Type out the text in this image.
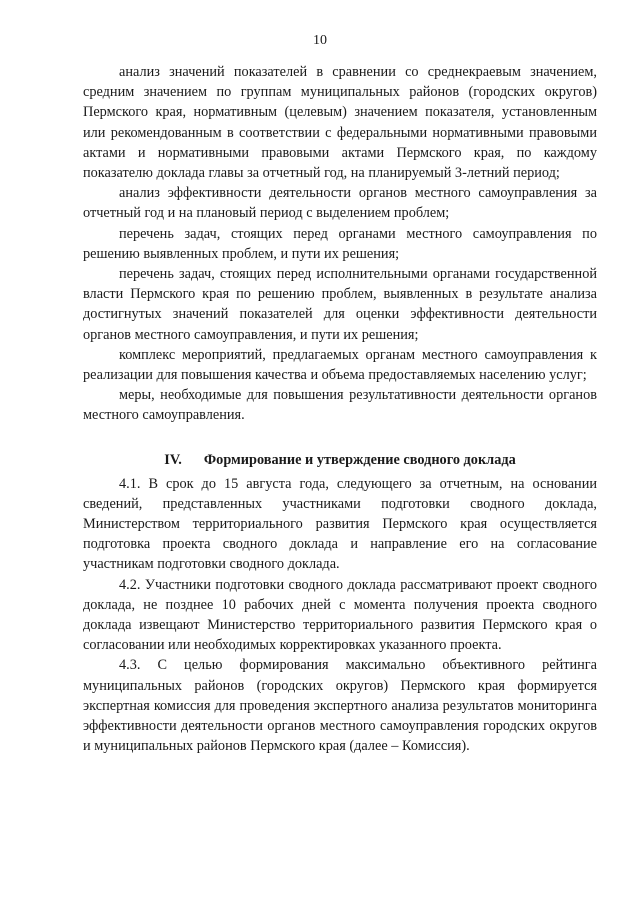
10

анализ значений показателей в сравнении со среднекраевым значением, средним значением по группам муниципальных районов (городских округов) Пермского края, нормативным (целевым) значением показателя, установленным или рекомендованным в соответствии с федеральными нормативными правовыми актами и нормативными правовыми актами Пермского края, по каждому показателю доклада главы за отчетный год, на планируемый 3-летний период;

анализ эффективности деятельности органов местного самоуправления за отчетный год и на плановый период с выделением проблем;

перечень задач, стоящих перед органами местного самоуправления по решению выявленных проблем, и пути их решения;

перечень задач, стоящих перед исполнительными органами государственной власти Пермского края по решению проблем, выявленных в результате анализа достигнутых значений показателей для оценки эффективности деятельности органов местного самоуправления, и пути их решения;

комплекс мероприятий, предлагаемых органам местного самоуправления к реализации для повышения качества и объема предоставляемых населению услуг;

меры, необходимые для повышения результативности деятельности органов местного самоуправления.

IV. Формирование и утверждение сводного доклада

4.1. В срок до 15 августа года, следующего за отчетным, на основании сведений, представленных участниками подготовки сводного доклада, Министерством территориального развития Пермского края осуществляется подготовка проекта сводного доклада и направление его на согласование участникам подготовки сводного доклада.

4.2. Участники подготовки сводного доклада рассматривают проект сводного доклада, не позднее 10 рабочих дней с момента получения проекта сводного доклада извещают Министерство территориального развития Пермского края о согласовании или необходимых корректировках указанного проекта.

4.3. С целью формирования максимально объективного рейтинга муниципальных районов (городских округов) Пермского края формируется экспертная комиссия для проведения экспертного анализа результатов мониторинга эффективности деятельности органов местного самоуправления городских округов и муниципальных районов Пермского края (далее – Комиссия).
